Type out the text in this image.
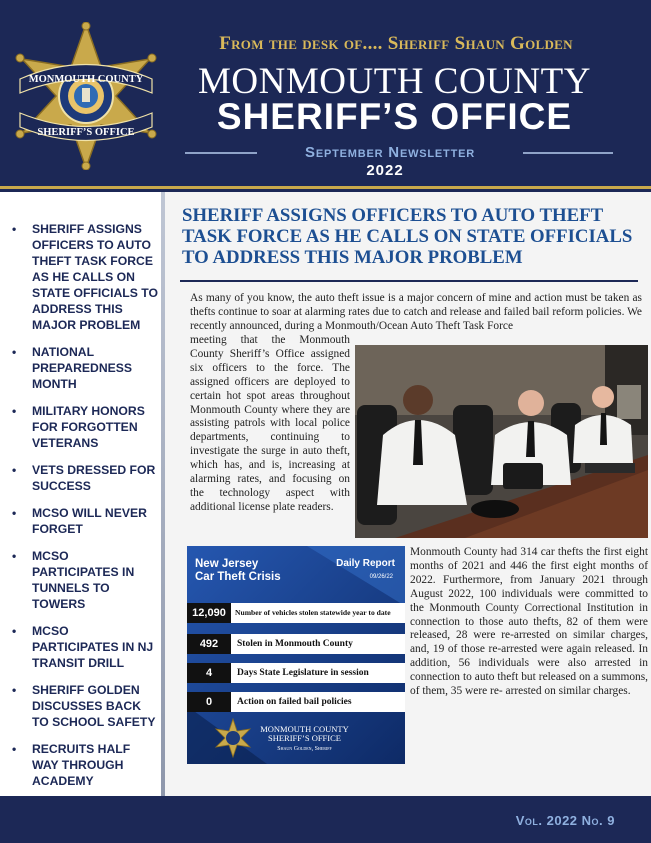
MONMOUTH COUNTY
SHERIFF’S OFFICE
From the desk of.... Sheriff Shaun Golden
MONMOUTH COUNTY
SHERIFF’S OFFICE
September Newsletter
2022
• SHERIFF ASSIGNS OFFICERS TO AUTO THEFT TASK FORCE AS HE CALLS ON STATE OFFICIALS TO ADDRESS THIS MAJOR PROBLEM
• NATIONAL PREPAREDNESS MONTH
• MILITARY HONORS FOR FORGOTTEN VETERANS
• VETS DRESSED FOR SUCCESS
• MCSO WILL NEVER FORGET
• MCSO PARTICIPATES IN TUNNELS TO TOWERS
• MCSO PARTICIPATES IN NJ TRANSIT DRILL
• SHERIFF GOLDEN DISCUSSES BACK TO SCHOOL SAFETY
• RECRUITS HALF WAY THROUGH ACADEMY
SHERIFF ASSIGNS OFFICERS TO AUTO THEFT TASK FORCE AS HE CALLS ON STATE OFFICIALS TO ADDRESS THIS MAJOR PROBLEM

As many of you know, the auto theft issue is a major concern of mine and action must be taken as thefts continue to soar at alarming rates due to catch and release and failed bail reform policies. We recently announced, during a Monmouth/Ocean Auto Theft Task Force

meeting that the Monmouth County Sheriff’s Office assigned six officers to the force. The assigned officers are deployed to certain hot spot areas throughout Monmouth County where they are assisting patrols with local police departments, continuing to investigate the surge in auto theft, which has, and is, increasing at alarming rates, and focusing on the technology aspect with additional license plate readers.

New Jersey
Car Theft Crisis
Daily Report
09/26/22
12,090	Number of vehicles stolen statewide year to date
492	Stolen in Monmouth County
4	Days State Legislature in session
0	Action on failed bail policies
MONMOUTH COUNTY
SHERIFF’S OFFICE
Shaun Golden, Sheriff

Monmouth County had 314 car thefts the first eight months of 2021 and 446 the first eight months of 2022. Furthermore, from January 2021 through August 2022, 100 individuals were committed to the Monmouth County Correctional Institution in connection to those auto thefts, 82 of them were released, 28 were re-arrested on similar charges, and, 19 of those re-arrested were again released. In addition, 56 individuals were also arrested in connection to auto theft but released on a summons, of them, 35 were re- arrested on similar charges.

Vol. 2022 No. 9
